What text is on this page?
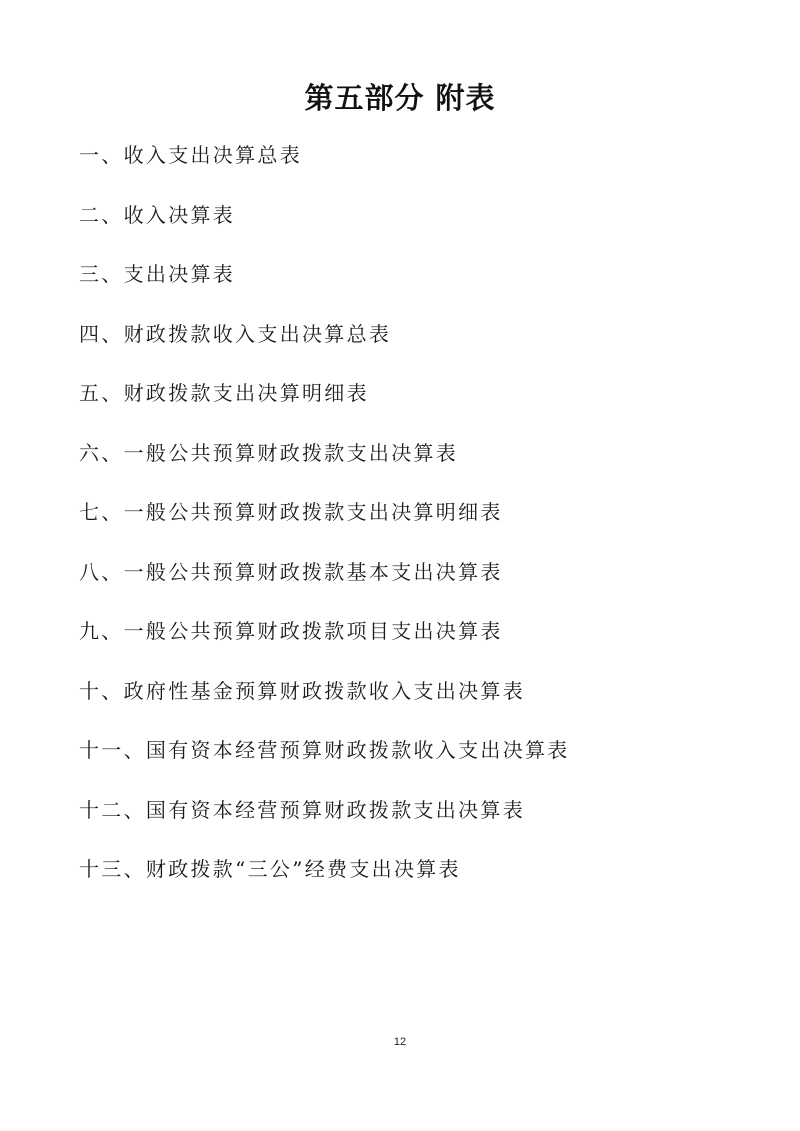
第五部分 附表
一、收入支出决算总表
二、收入决算表
三、支出决算表
四、财政拨款收入支出决算总表
五、财政拨款支出决算明细表
六、一般公共预算财政拨款支出决算表
七、一般公共预算财政拨款支出决算明细表
八、一般公共预算财政拨款基本支出决算表
九、一般公共预算财政拨款项目支出决算表
十、政府性基金预算财政拨款收入支出决算表
十一、国有资本经营预算财政拨款收入支出决算表
十二、国有资本经营预算财政拨款支出决算表
十三、财政拨款“三公”经费支出决算表
12
